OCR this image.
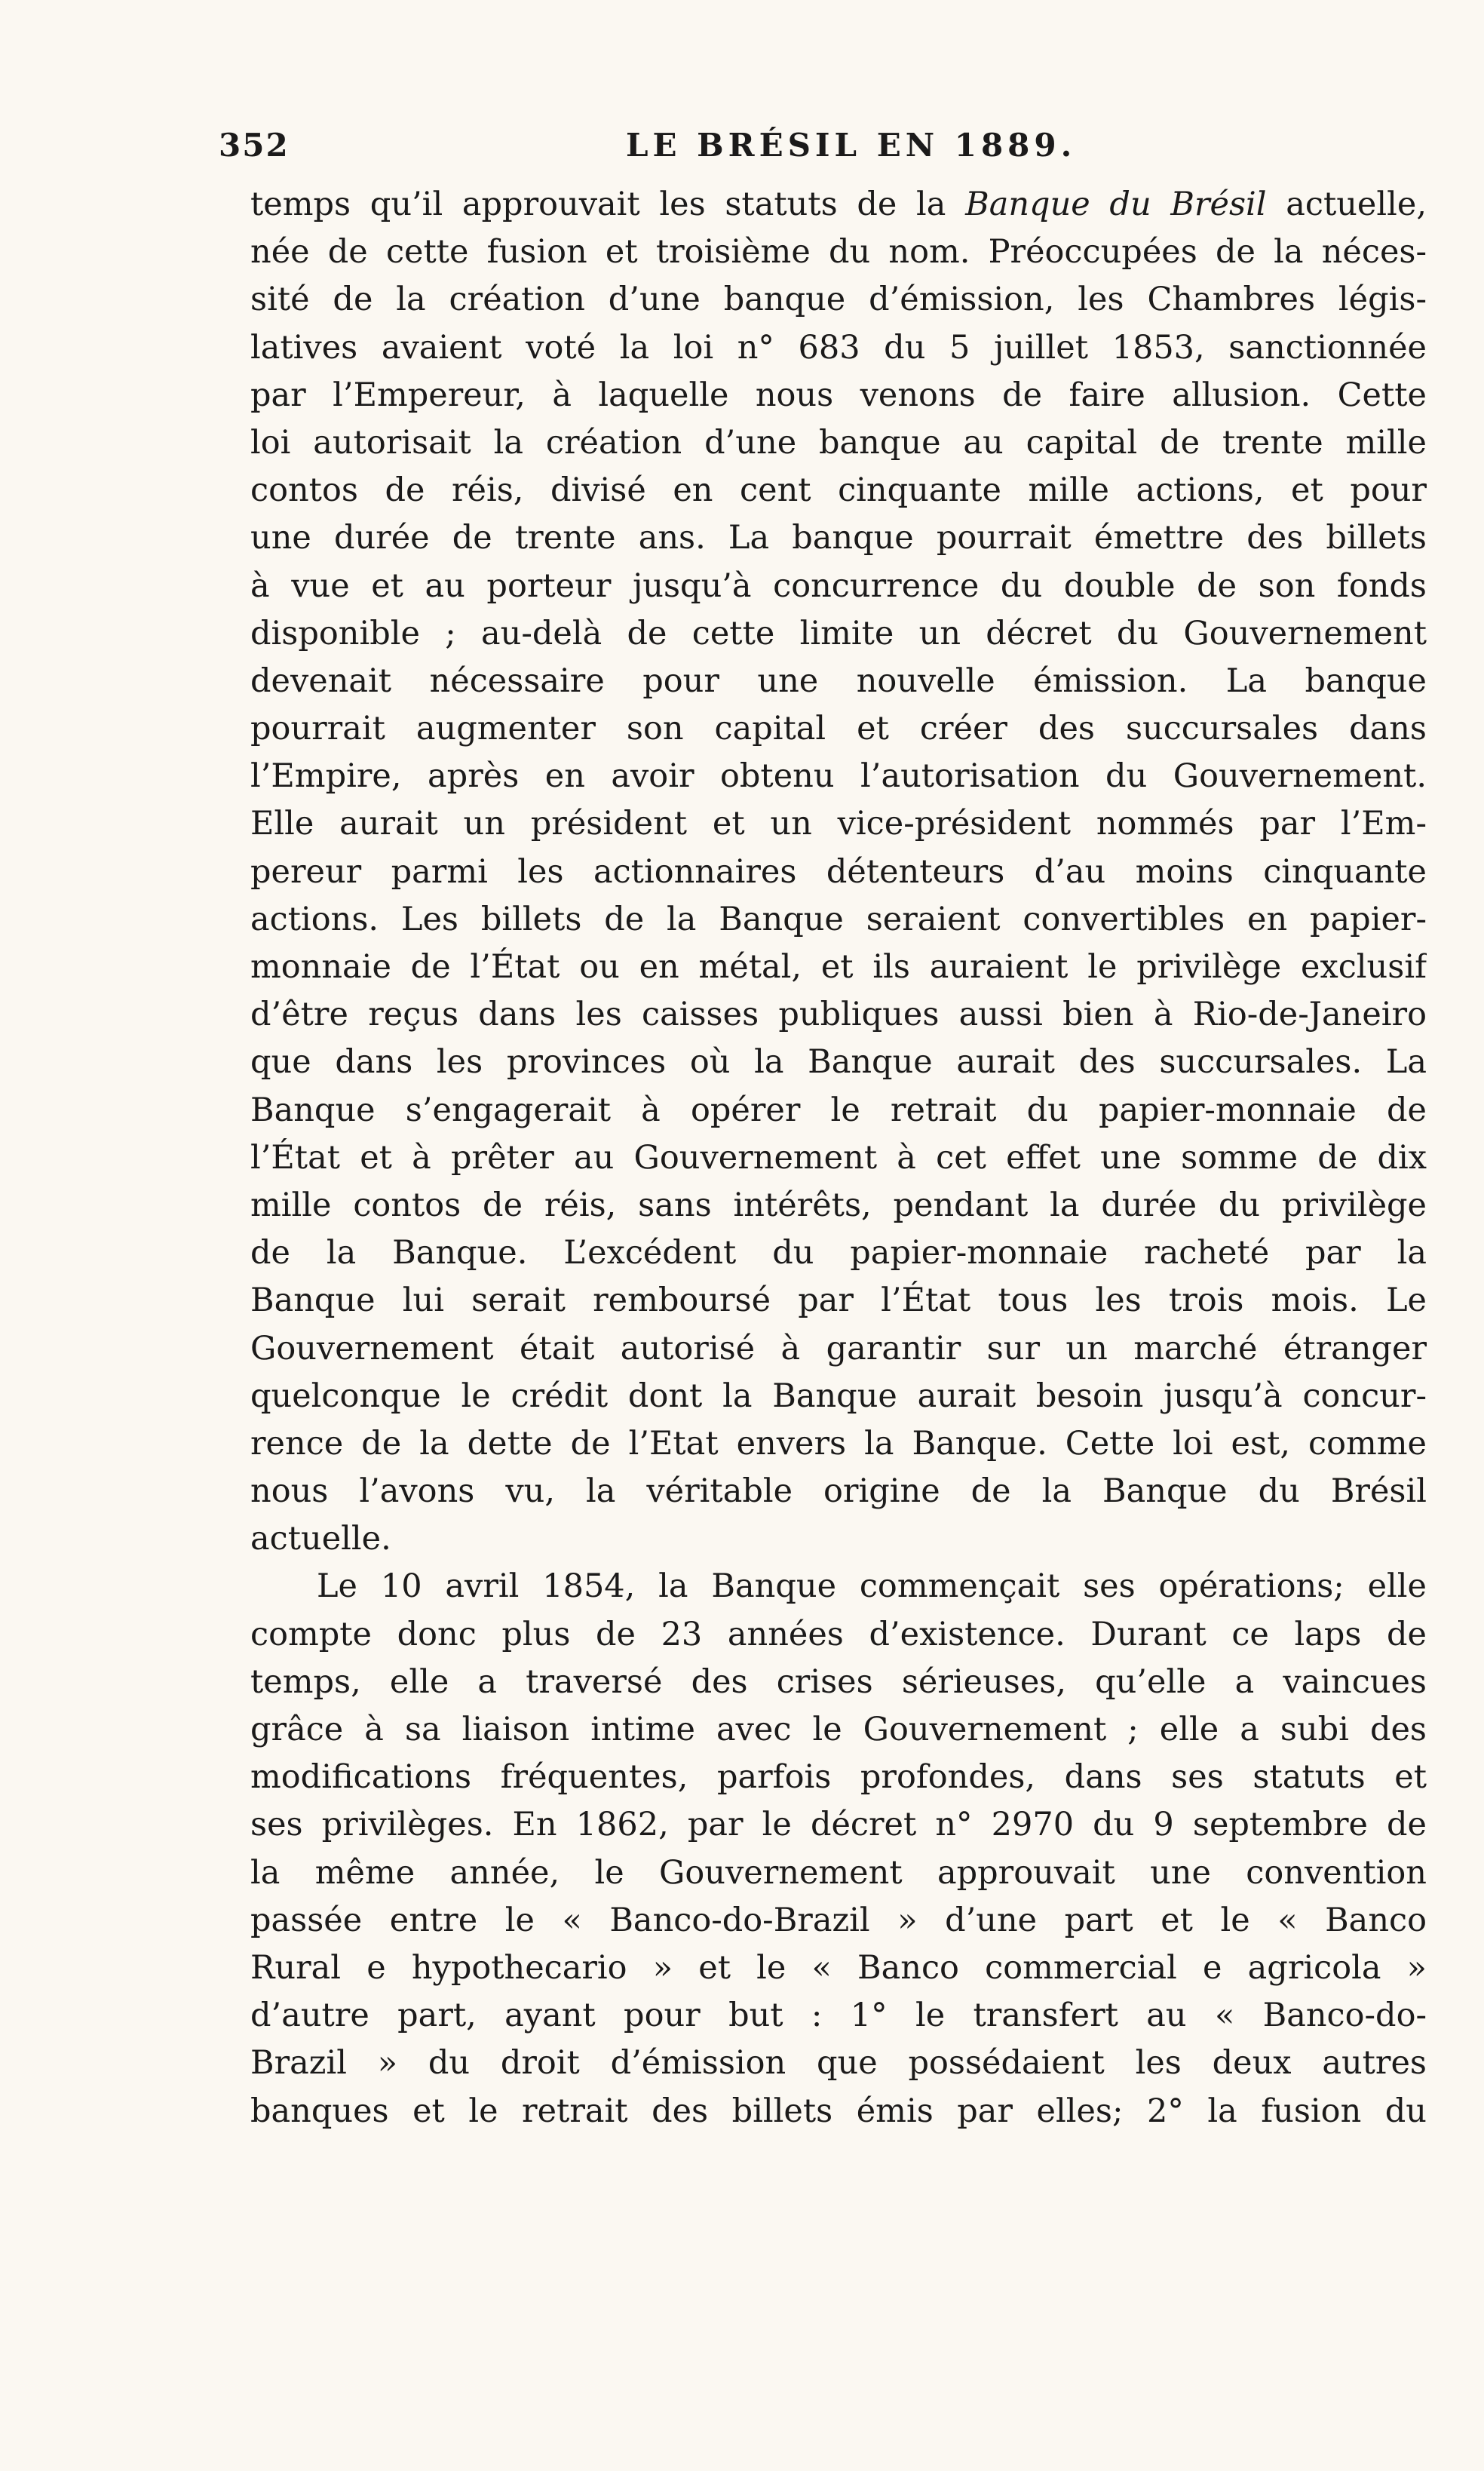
352	LE BRÉSIL EN 1889.
temps qu’il approuvait les statuts de la Banque du Brésil actuelle,
née de cette fusion et troisième du nom. Préoccupées de la néces-
sité de la création d’une banque d’émission, les Chambres légis-
latives avaient voté la loi n° 683 du 5 juillet 1853, sanctionnée
par l’Empereur, à laquelle nous venons de faire allusion. Cette
loi autorisait la création d’une banque au capital de trente mille
contos de réis, divisé en cent cinquante mille actions, et pour
une durée de trente ans. La banque pourrait émettre des billets
à vue et au porteur jusqu’à concurrence du double de son fonds
disponible ; au-delà de cette limite un décret du Gouvernement
devenait nécessaire pour une nouvelle émission. La banque
pourrait augmenter son capital et créer des succursales dans
l’Empire, après en avoir obtenu l’autorisation du Gouvernement.
Elle aurait un président et un vice-président nommés par l’Em-
pereur parmi les actionnaires détenteurs d’au moins cinquante
actions. Les billets de la Banque seraient convertibles en papier-
monnaie de l’État ou en métal, et ils auraient le privilège exclusif
d’être reçus dans les caisses publiques aussi bien à Rio-de-Janeiro
que dans les provinces où la Banque aurait des succursales. La
Banque s’engagerait à opérer le retrait du papier-monnaie de
l’État et à prêter au Gouvernement à cet effet une somme de dix
mille contos de réis, sans intérêts, pendant la durée du privilège
de la Banque. L’excédent du papier-monnaie racheté par la
Banque lui serait remboursé par l’État tous les trois mois. Le
Gouvernement était autorisé à garantir sur un marché étranger
quelconque le crédit dont la Banque aurait besoin jusqu’à concur-
rence de la dette de l’Etat envers la Banque. Cette loi est, comme
nous l’avons vu, la véritable origine de la Banque du Brésil
actuelle.
Le 10 avril 1854, la Banque commençait ses opérations; elle
compte donc plus de 23 années d’existence. Durant ce laps de
temps, elle a traversé des crises sérieuses, qu’elle a vaincues
grâce à sa liaison intime avec le Gouvernement ; elle a subi des
modifications fréquentes, parfois profondes, dans ses statuts et
ses privilèges. En 1862, par le décret n° 2970 du 9 septembre de
la même année, le Gouvernement approuvait une convention
passée entre le « Banco-do-Brazil » d’une part et le « Banco
Rural e hypothecario » et le « Banco commercial e agricola »
d’autre part, ayant pour but : 1° le transfert au « Banco-do-
Brazil » du droit d’émission que possédaient les deux autres
banques et le retrait des billets émis par elles; 2° la fusion du
